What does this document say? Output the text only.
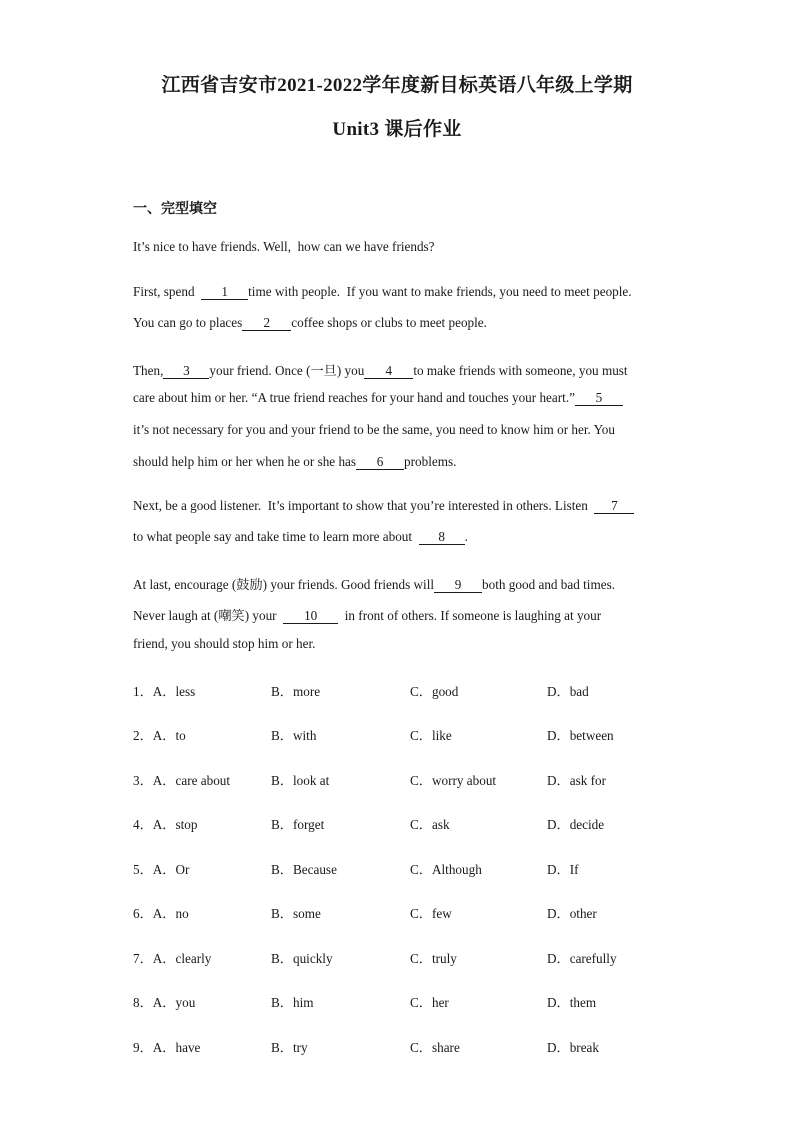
江西省吉安市2021-2022学年度新目标英语八年级上学期
Unit3 课后作业
一、完型填空
It’s nice to have friends. Well,  how can we have friends?
First, spend  1 time with people.  If you want to make friends, you need to meet people.
You can go to places 2 coffee shops or clubs to meet people.
Then, 3 your friend. Once (一旦) you 4 to make friends with someone, you must
care about him or her. “A true friend reaches for your hand and touches your heart.” 5
it’s not necessary for you and your friend to be the same, you need to know him or her. You
should help him or her when he or she has 6 problems.
Next, be a good listener.  It’s important to show that you’re interested in others. Listen  7
to what people say and take time to learn more about  8 .
At last, encourage (鼓励) your friends. Good friends will 9 both good and bad times.
Never laugh at (嘲笑) your  10  in front of others. If someone is laughing at your
friend, you should stop him or her.
1．A．less	B．more	C．good	D．bad
2．A．to	B．with	C．like	D．between
3．A．care about	B．look at	C．worry about	D．ask for
4．A．stop	B．forget	C．ask	D．decide
5．A．Or	B．Because	C．Although	D．If
6．A．no	B．some	C．few	D．other
7．A．clearly	B．quickly	C．truly	D．carefully
8．A．you	B．him	C．her	D．them
9．A．have	B．try	C．share	D．break
